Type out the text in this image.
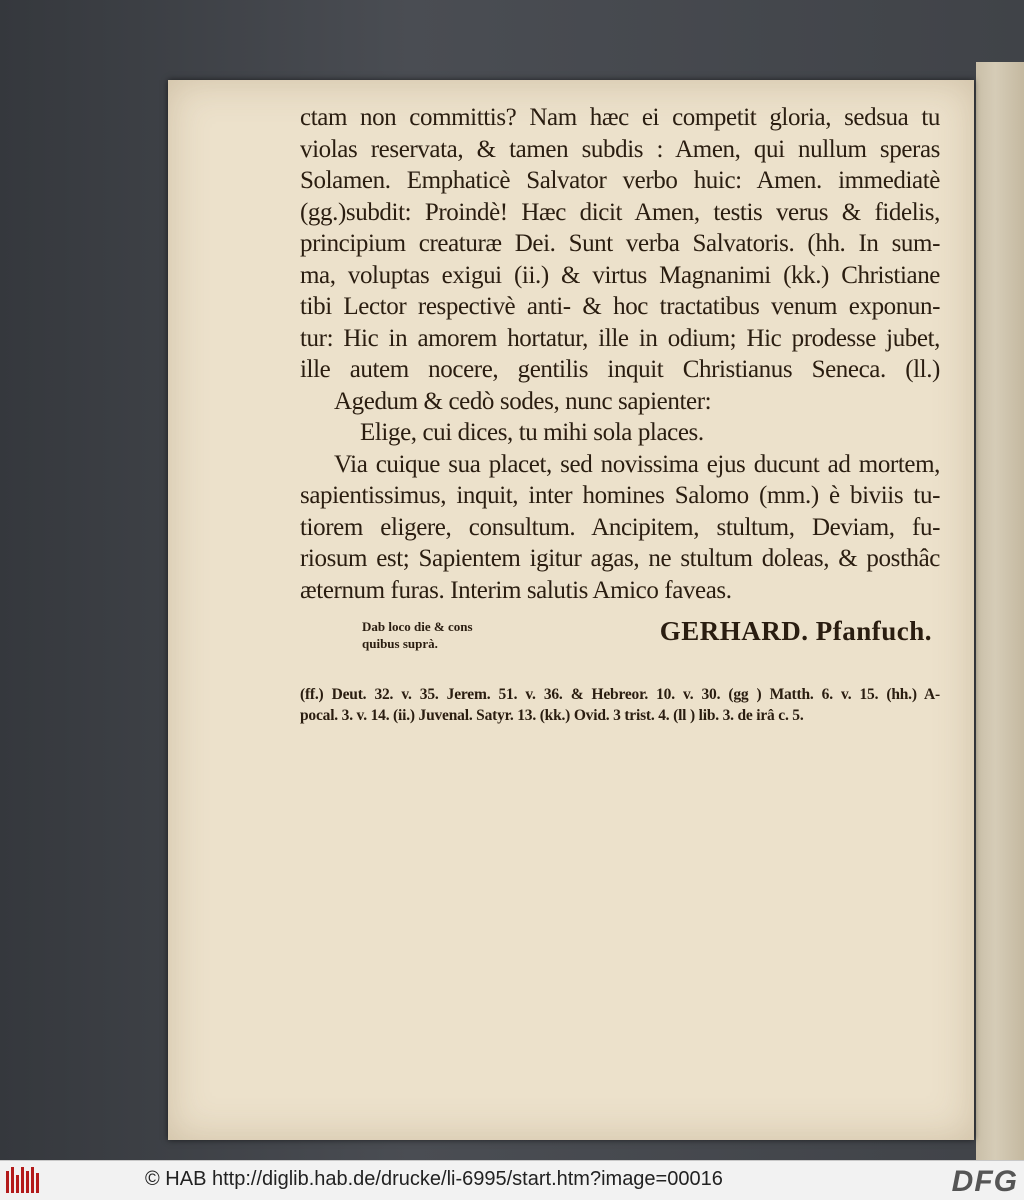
ctam non committis? Nam hæc ei competit gloria, sedsua tu
violas reservata, & tamen subdis : Amen, qui nullum speras
Solamen. Emphaticè Salvator verbo huic: Amen. immediatè
(gg.)subdit: Proindè! Hæc dicit Amen, testis verus & fidelis,
principium creaturæ Dei. Sunt verba Salvatoris. (hh. In sum-
ma, voluptas exigui (ii.) & virtus Magnanimi (kk.) Christiane
tibi Lector respectivè anti- & hoc tractatibus venum exponun-
tur: Hic in amorem hortatur, ille in odium; Hic prodesse jubet,
ille autem nocere, gentilis inquit Christianus Seneca. (ll.)
Agedum & cedò sodes, nunc sapienter:
Elige, cui dices, tu mihi sola places.
Via cuique sua placet, sed novissima ejus ducunt ad mortem,
sapientissimus, inquit, inter homines Salomo (mm.) è biviis tu-
tiorem eligere, consultum. Ancipitem, stultum, Deviam, fu-
riosum est; Sapientem igitur agas, ne stultum doleas, & posthâc
æternum furas. Interim salutis Amico faveas.
Dab loco die & cons
quibus suprà.	GERHARD. Pfanfuch.
(ff.) Deut. 32. v. 35. Jerem. 51. v. 36. & Hebreor. 10. v. 30. (gg ) Matth. 6. v. 15. (hh.) A-
pocal. 3. v. 14. (ii.) Juvenal. Satyr. 13. (kk.) Ovid. 3 trist. 4. (ll ) lib. 3. de irâ c. 5.
© HAB http://diglib.hab.de/drucke/li-6995/start.htm?image=00016	DFG
